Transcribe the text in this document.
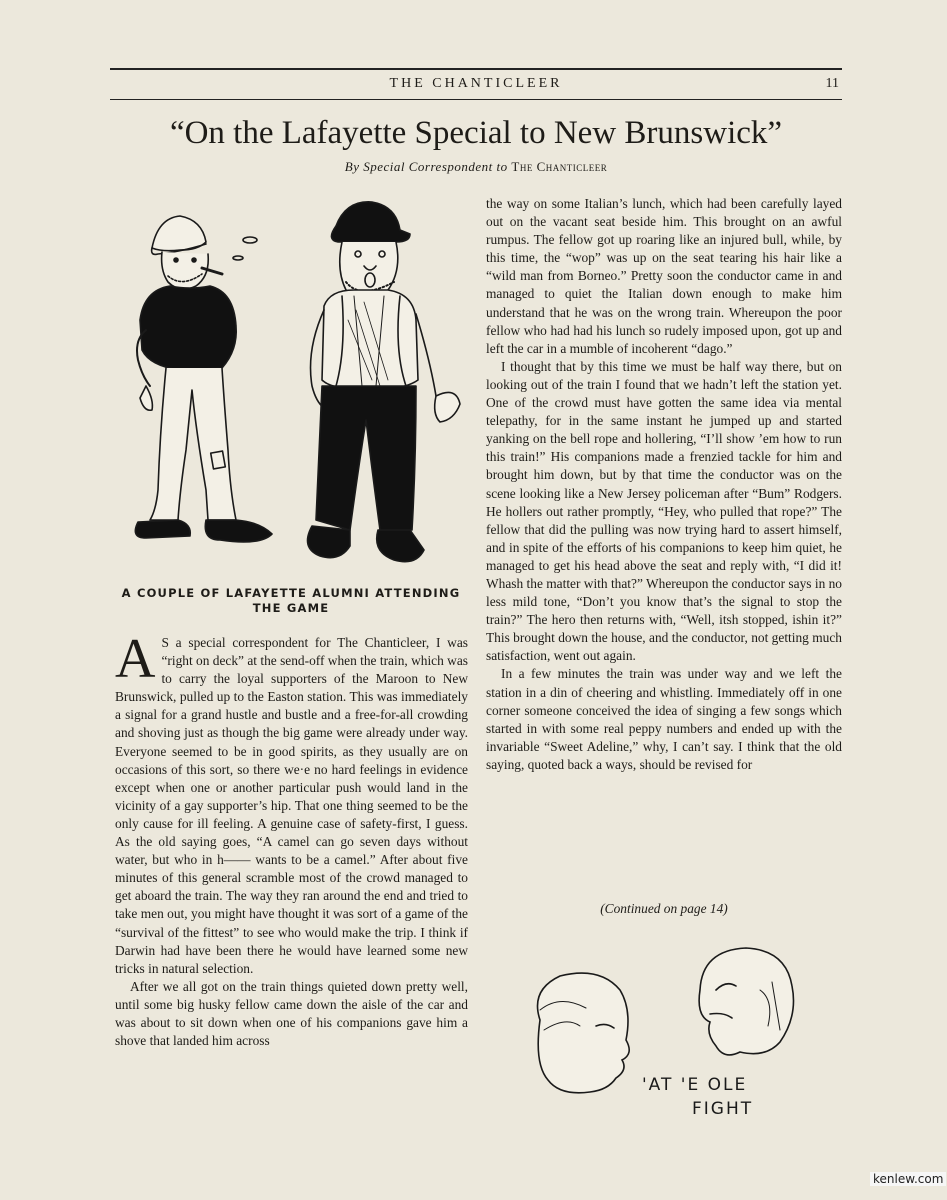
THE CHANTICLEER	11
“On the Lafayette Special to New Brunswick”
By Special Correspondent to The Chanticleer
A COUPLE OF LAFAYETTE ALUMNI ATTENDING THE GAME

A S a special correspondent for The Chanticleer, I was “right on deck” at the send-off when the train, which was to carry the loyal supporters of the Maroon to New Brunswick, pulled up to the Easton station. This was immediately a signal for a grand hustle and bustle and a free-for-all crowding and shoving just as though the big game were already under way. Everyone seemed to be in good spirits, as they usually are on occasions of this sort, so there we·e no hard feelings in evidence except when one or another particular push would land in the vicinity of a gay supporter’s hip. That one thing seemed to be the only cause for ill feeling. A genuine case of safety-first, I guess. As the old saying goes, “A camel can go seven days without water, but who in h—— wants to be a camel.” After about five minutes of this general scramble most of the crowd managed to get aboard the train. The way they ran around the end and tried to take men out, you might have thought it was sort of a game of the “survival of the fittest” to see who would make the trip. I think if Darwin had have been there he would have learned some new tricks in natural selection.

After we all got on the train things quieted down pretty well, until some big husky fellow came down the aisle of the car and was about to sit down when one of his companions gave him a shove that landed him across

the way on some Italian’s lunch, which had been carefully layed out on the vacant seat beside him. This brought on an awful rumpus. The fellow got up roaring like an injured bull, while, by this time, the “wop” was up on the seat tearing his hair like a “wild man from Borneo.” Pretty soon the conductor came in and managed to quiet the Italian down enough to make him understand that he was on the wrong train. Whereupon the poor fellow who had had his lunch so rudely imposed upon, got up and left the car in a mumble of incoherent “dago.”

I thought that by this time we must be half way there, but on looking out of the train I found that we hadn’t left the station yet. One of the crowd must have gotten the same idea via mental telepathy, for in the same instant he jumped up and started yanking on the bell rope and hollering, “I’ll show ’em how to run this train!” His companions made a frenzied tackle for him and brought him down, but by that time the conductor was on the scene looking like a New Jersey policeman after “Bum” Rodgers. He hollers out rather promptly, “Hey, who pulled that rope?” The fellow that did the pulling was now trying hard to assert himself, and in spite of the efforts of his companions to keep him quiet, he managed to get his head above the seat and reply with, “I did it! Whash the matter with that?” Whereupon the conductor says in no less mild tone, “Don’t you know that’s the signal to stop the train?” The hero then returns with, “Well, itsh stopped, ishin it?” This brought down the house, and the conductor, not getting much satisfaction, went out again.

In a few minutes the train was under way and we left the station in a din of cheering and whistling. Immediately off in one corner someone conceived the idea of singing a few songs which started in with some real peppy numbers and ended up with the invariable “Sweet Adeline,” why, I can’t say. I think that the old saying, quoted back a ways, should be revised for

(Continued on page 14)
'AT 'E OLE
FIGHT
kenlew.com
